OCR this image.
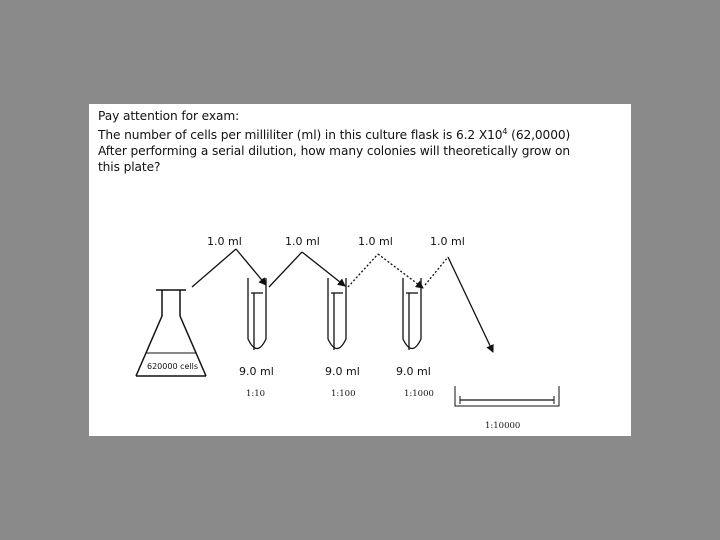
Pay attention for exam:
The number of cells per milliliter (ml) in this culture flask is 6.2 $X10^4$ (62,0000)
After performing a serial dilution, how many colonies will theoretically grow on
this plate?
1.0 ml	1.0 ml	1.0 ml	1.0 ml
620000 cells	9.0 ml	9.0 ml	9.0 ml
1:10	1:100	1:1000
1:10000
